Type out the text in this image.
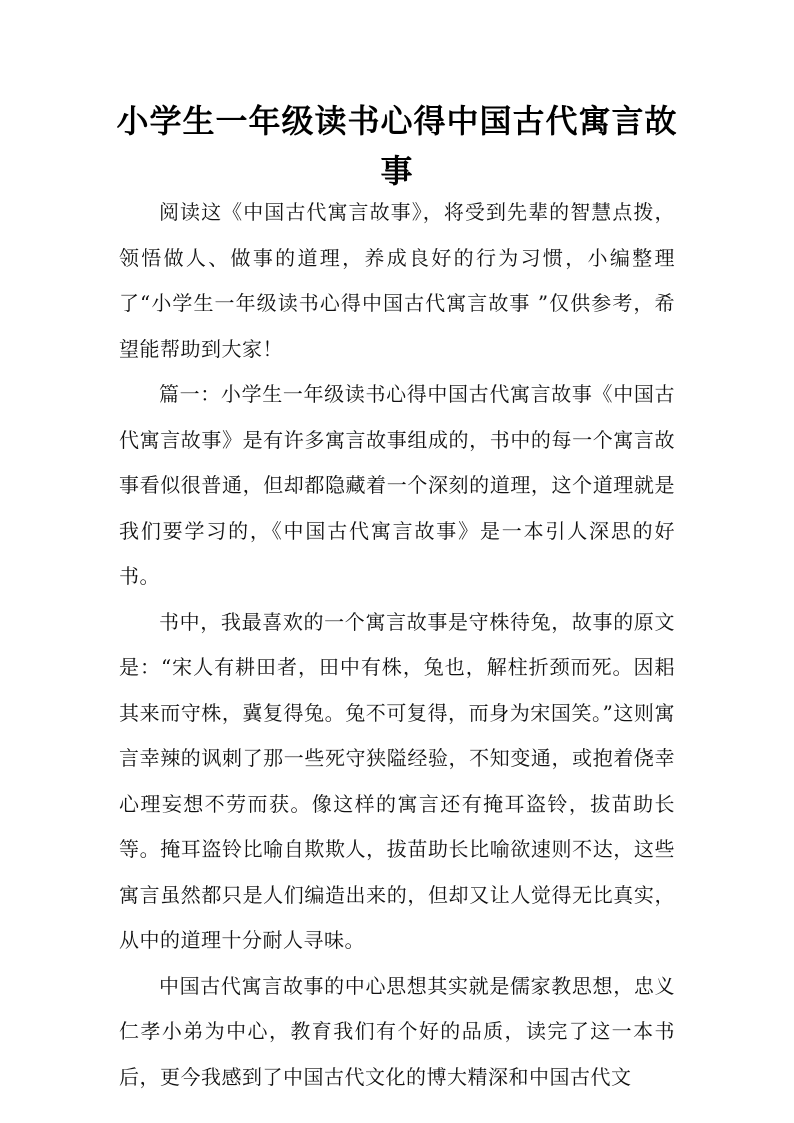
小学生一年级读书心得中国古代寓言故事

阅读这《中国古代寓言故事》，将受到先辈的智慧点拨，领悟做人、做事的道理，养成良好的行为习惯，小编整理了“小学生一年级读书心得中国古代寓言故事 ”仅供参考，希望能帮助到大家！

篇一：小学生一年级读书心得中国古代寓言故事《中国古代寓言故事》是有许多寓言故事组成的，书中的每一个寓言故事看似很普通，但却都隐藏着一个深刻的道理，这个道理就是我们要学习的，《中国古代寓言故事》是一本引人深思的好书。

书中，我最喜欢的一个寓言故事是守株待兔，故事的原文是：“宋人有耕田者，田中有株，兔也，解柱折颈而死。因耜其来而守株，冀复得兔。兔不可复得，而身为宋国笑。”这则寓言幸辣的讽刺了那一些死守狭隘经验，不知变通，或抱着侥幸心理妄想不劳而获。像这样的寓言还有掩耳盗铃，拔苗助长等。掩耳盗铃比喻自欺欺人，拔苗助长比喻欲速则不达，这些寓言虽然都只是人们编造出来的，但却又让人觉得无比真实，从中的道理十分耐人寻味。

中国古代寓言故事的中心思想其实就是儒家教思想，忠义仁孝小弟为中心，教育我们有个好的品质，读完了这一本书后，更今我感到了中国古代文化的博大精深和中国古代文
